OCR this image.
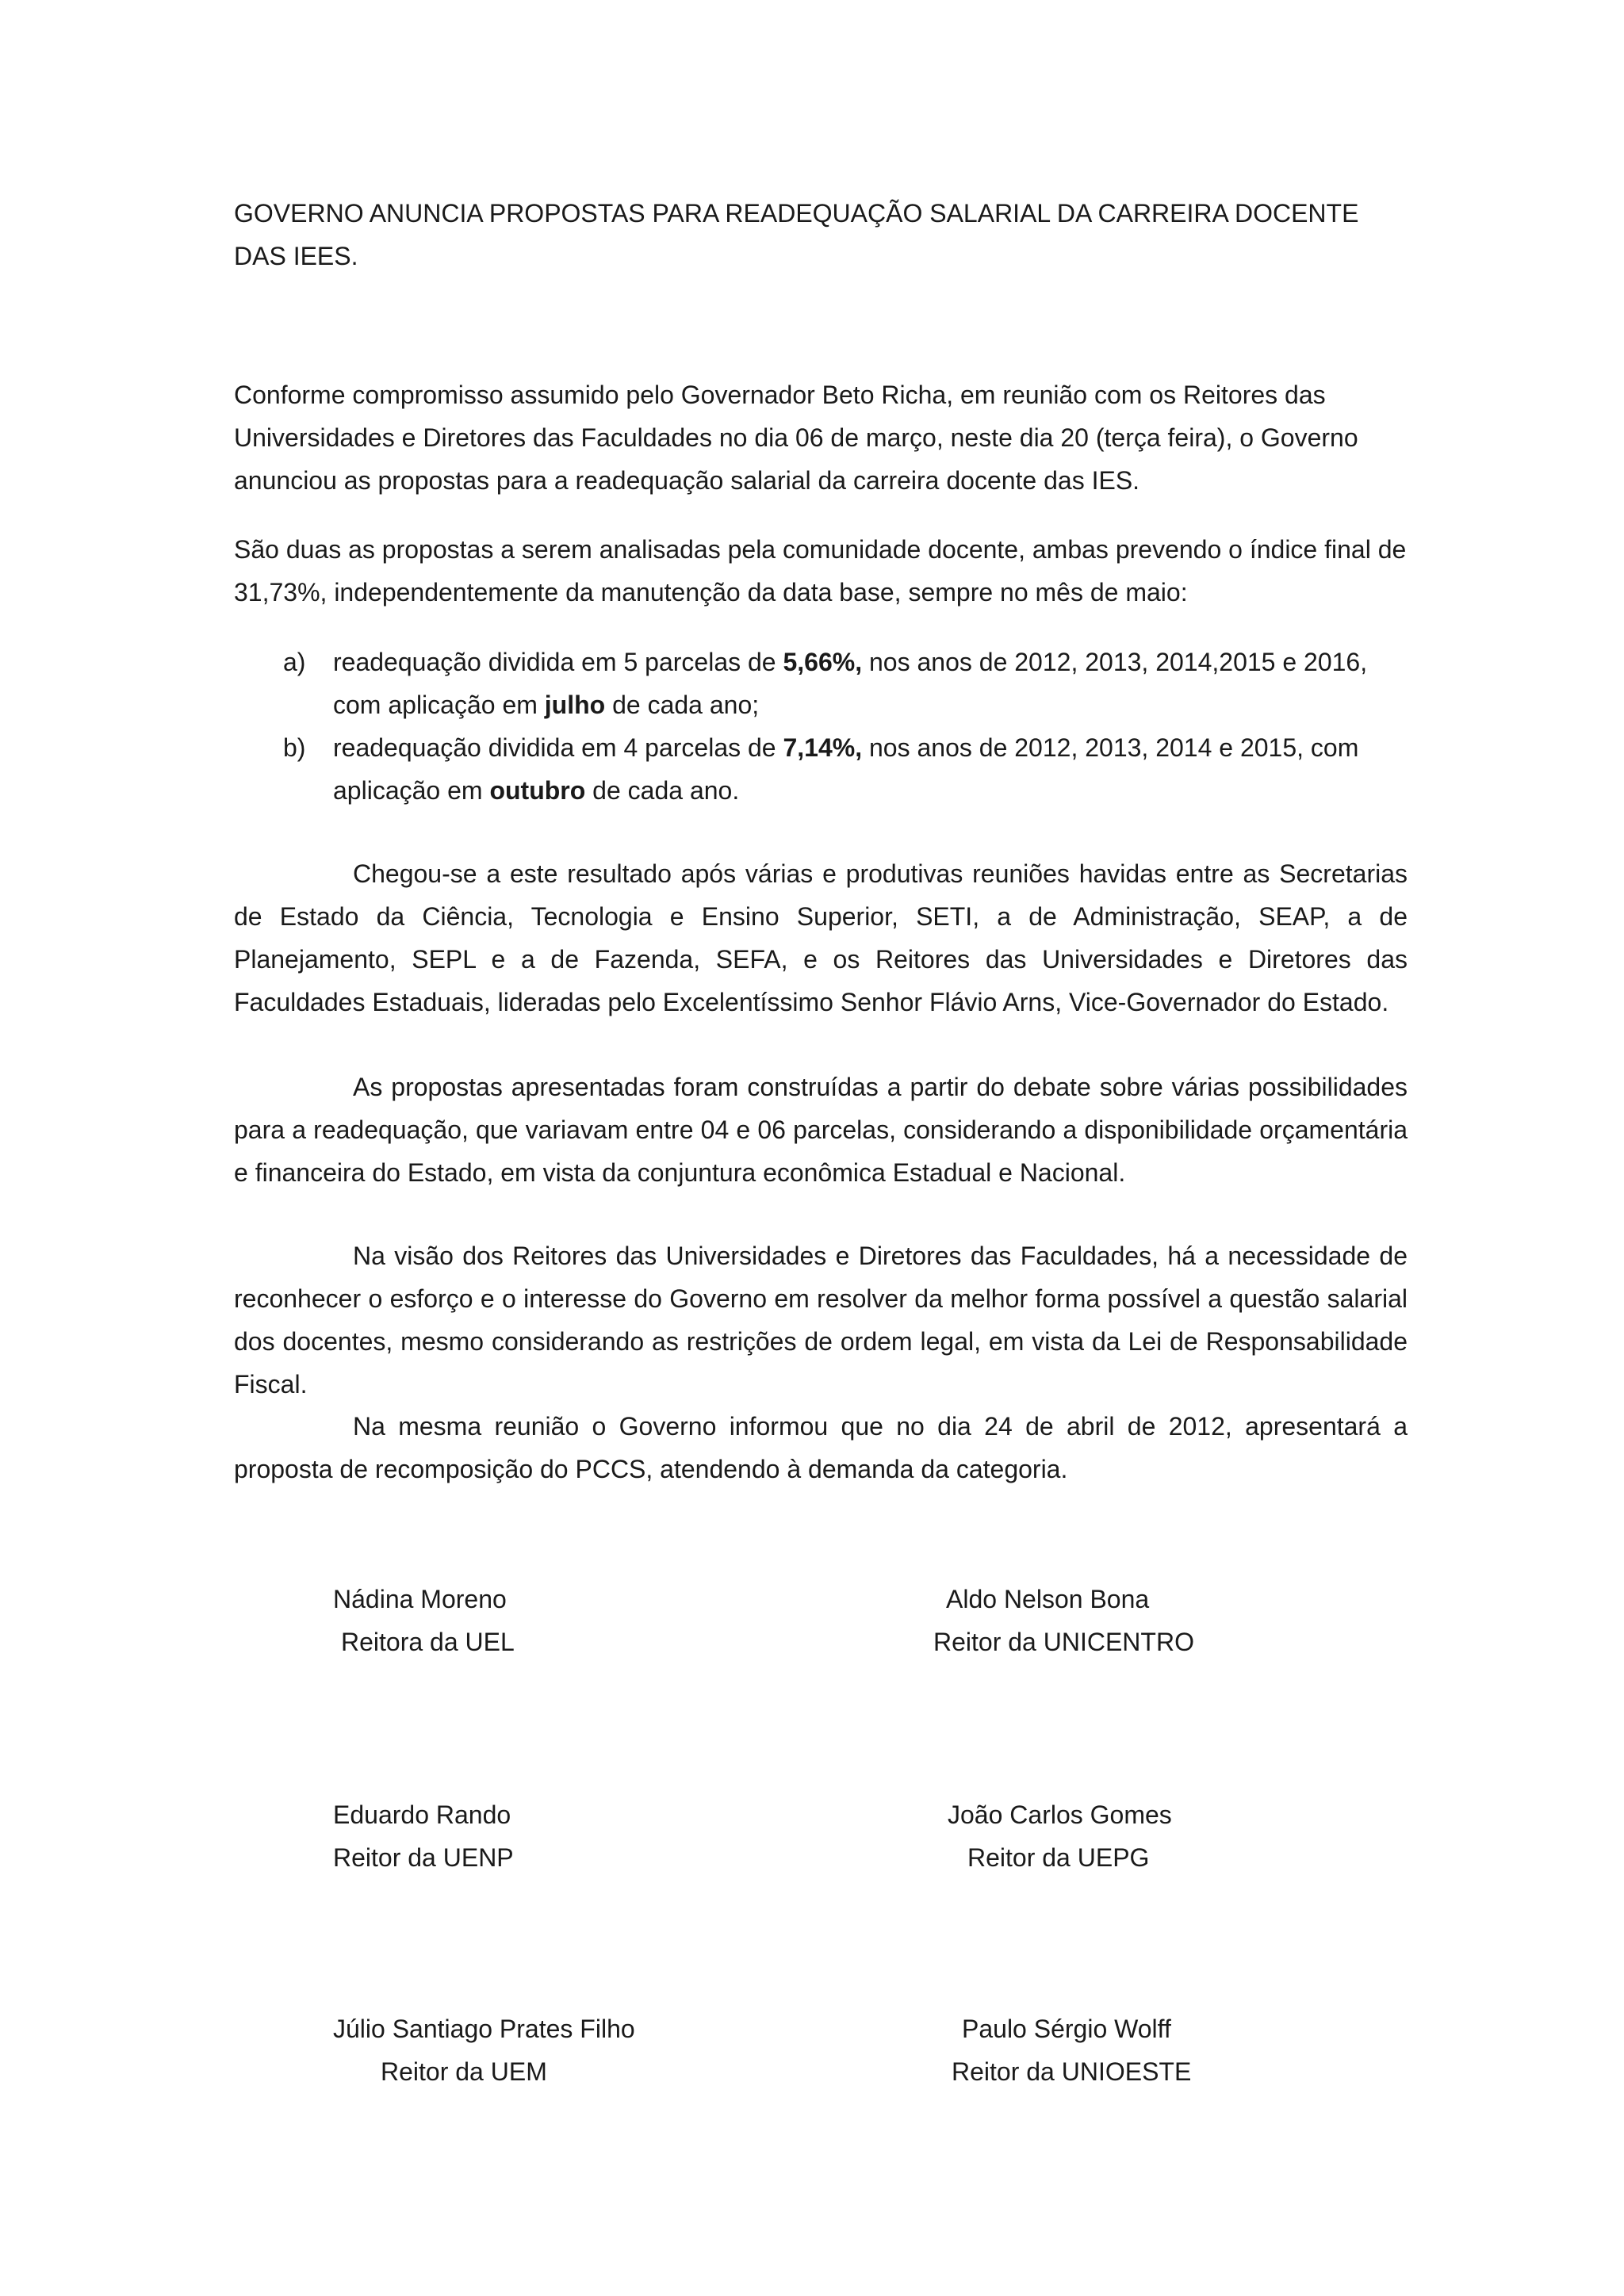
GOVERNO ANUNCIA PROPOSTAS PARA READEQUAÇÃO SALARIAL DA CARREIRA DOCENTE DAS IEES.

Conforme compromisso assumido pelo Governador Beto Richa, em reunião com os Reitores das Universidades e Diretores das Faculdades no dia 06 de março, neste dia 20 (terça feira), o Governo anunciou as propostas para a readequação salarial da carreira docente das IES.

São duas as propostas a serem analisadas pela comunidade docente, ambas prevendo o índice final de 31,73%, independentemente da manutenção da data base, sempre no mês de maio:

a) readequação dividida em 5 parcelas de 5,66%, nos anos de 2012, 2013, 2014,2015 e 2016, com aplicação em julho de cada ano;
b) readequação dividida em 4 parcelas de 7,14%, nos anos de 2012, 2013, 2014 e 2015, com aplicação em outubro de cada ano.

Chegou-se a este resultado após várias e produtivas reuniões havidas entre as Secretarias de Estado da Ciência, Tecnologia e Ensino Superior, SETI, a de Administração, SEAP, a de Planejamento, SEPL e a de Fazenda, SEFA, e os Reitores das Universidades e Diretores das Faculdades Estaduais, lideradas pelo Excelentíssimo Senhor Flávio Arns, Vice-Governador do Estado.

As propostas apresentadas foram construídas a partir do debate sobre várias possibilidades para a readequação, que variavam entre 04 e 06 parcelas, considerando a disponibilidade orçamentária e financeira do Estado, em vista da conjuntura econômica Estadual e Nacional.

Na visão dos Reitores das Universidades e Diretores das Faculdades, há a necessidade de reconhecer o esforço e o interesse do Governo em resolver da melhor forma possível a questão salarial dos docentes, mesmo considerando as restrições de ordem legal, em vista da Lei de Responsabilidade Fiscal.

Na mesma reunião o Governo informou que no dia 24 de abril de 2012, apresentará a proposta de recomposição do PCCS, atendendo à demanda da categoria.

Nádina Moreno
Reitora da UEL
Aldo Nelson Bona
Reitor da UNICENTRO
Eduardo Rando
Reitor da UENP
João Carlos Gomes
Reitor da UEPG
Júlio Santiago Prates Filho
Reitor da UEM
Paulo Sérgio Wolff
Reitor da UNIOESTE
